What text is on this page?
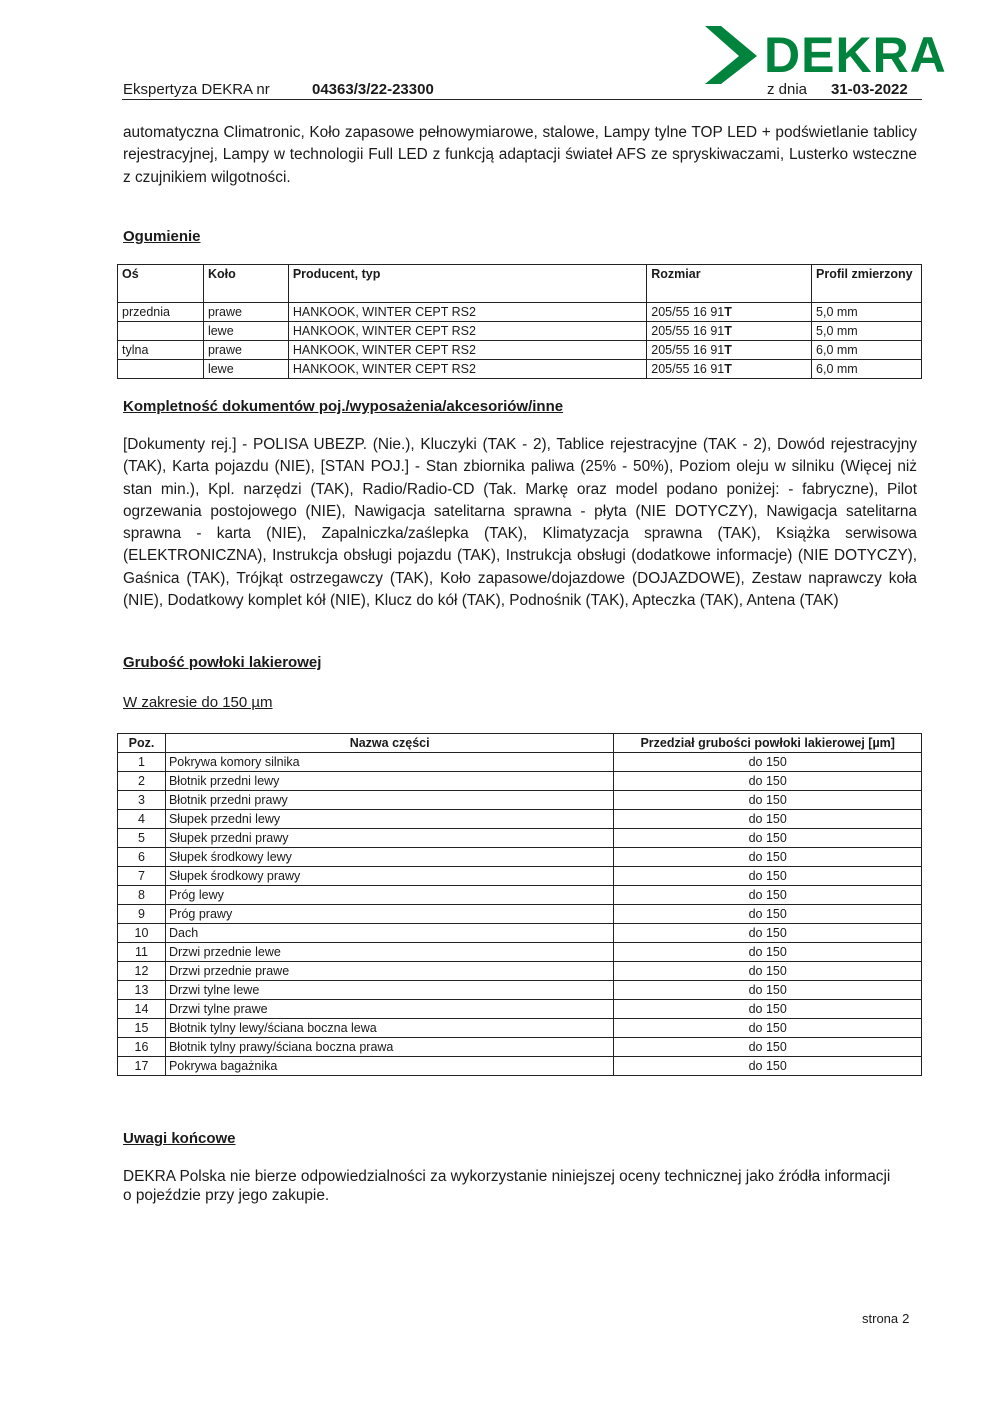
DEKRA
Ekspertyza DEKRA nr	04363/3/22-23300	z dnia 31-03-2022
automatyczna Climatronic, Koło zapasowe pełnowymiarowe, stalowe, Lampy tylne TOP LED + podświetlanie tablicy rejestracyjnej, Lampy w technologii Full LED z funkcją adaptacji świateł AFS ze spryskiwaczami, Lusterko wsteczne z czujnikiem wilgotności.
Ogumienie
Oś	Koło	Producent, typ	Rozmiar	Profil zmierzony
przednia	prawe	HANKOOK, WINTER CEPT RS2	205/55 16 91T	5,0 mm
	lewe	HANKOOK, WINTER CEPT RS2	205/55 16 91T	5,0 mm
tylna	prawe	HANKOOK, WINTER CEPT RS2	205/55 16 91T	6,0 mm
	lewe	HANKOOK, WINTER CEPT RS2	205/55 16 91T	6,0 mm
Kompletność dokumentów poj./wyposażenia/akcesoriów/inne
[Dokumenty rej.] - POLISA UBEZP. (Nie.), Kluczyki (TAK - 2), Tablice rejestracyjne (TAK - 2), Dowód rejestracyjny (TAK), Karta pojazdu (NIE), [STAN POJ.] - Stan zbiornika paliwa (25% - 50%), Poziom oleju w silniku (Więcej niż stan min.), Kpl. narzędzi (TAK), Radio/Radio-CD (Tak. Markę oraz model podano poniżej: - fabryczne), Pilot ogrzewania postojowego (NIE), Nawigacja satelitarna sprawna - płyta (NIE DOTYCZY), Nawigacja satelitarna sprawna - karta (NIE), Zapalniczka/zaślepka (TAK), Klimatyzacja sprawna (TAK), Książka serwisowa (ELEKTRONICZNA), Instrukcja obsługi pojazdu (TAK), Instrukcja obsługi (dodatkowe informacje) (NIE DOTYCZY), Gaśnica (TAK), Trójkąt ostrzegawczy (TAK), Koło zapasowe/dojazdowe (DOJAZDOWE), Zestaw naprawczy koła (NIE), Dodatkowy komplet kół (NIE), Klucz do kół (TAK), Podnośnik (TAK), Apteczka (TAK), Antena (TAK)
Grubość powłoki lakierowej
W zakresie do 150 µm
Poz.	Nazwa części	Przedział grubości powłoki lakierowej [µm]
1	Pokrywa komory silnika	do 150
2	Błotnik przedni lewy	do 150
3	Błotnik przedni prawy	do 150
4	Słupek przedni lewy	do 150
5	Słupek przedni prawy	do 150
6	Słupek środkowy lewy	do 150
7	Słupek środkowy prawy	do 150
8	Próg lewy	do 150
9	Próg prawy	do 150
10	Dach	do 150
11	Drzwi przednie lewe	do 150
12	Drzwi przednie prawe	do 150
13	Drzwi tylne lewe	do 150
14	Drzwi tylne prawe	do 150
15	Błotnik tylny lewy/ściana boczna lewa	do 150
16	Błotnik tylny prawy/ściana boczna prawa	do 150
17	Pokrywa bagażnika	do 150
Uwagi końcowe
DEKRA Polska nie bierze odpowiedzialności za wykorzystanie niniejszej oceny technicznej jako źródła informacji o pojeździe przy jego zakupie.
strona 2
